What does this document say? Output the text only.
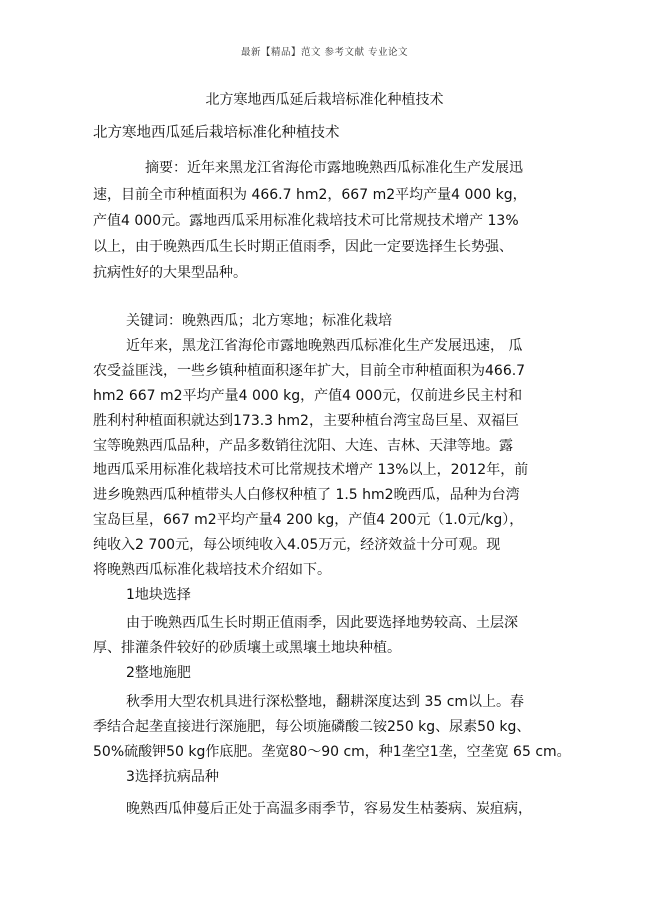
最新【精品】范文 参考文献 专业论文
北方寒地西瓜延后栽培标准化种植技术
北方寒地西瓜延后栽培标准化种植技术
摘要：近年来黑龙江省海伦市露地晚熟西瓜标准化生产发展迅
速，目前全市种植面积为 466.7 hm2，667 m2平均产量4 000 kg，
产值4 000元。露地西瓜采用标准化栽培技术可比常规技术增产 13%
以上，由于晚熟西瓜生长时期正值雨季，因此一定要选择生长势强、
抗病性好的大果型品种。
关键词：晚熟西瓜；北方寒地；标准化栽培
近年来，黑龙江省海伦市露地晚熟西瓜标准化生产发展迅速， 瓜
农受益匪浅，一些乡镇种植面积逐年扩大，目前全市种植面积为466.7
hm2 667 m2平均产量4 000 kg，产值4 000元，仅前进乡民主村和
胜利村种植面积就达到173.3 hm2，主要种植台湾宝岛巨星、双福巨
宝等晚熟西瓜品种，产品多数销往沈阳、大连、吉林、天津等地。露
地西瓜采用标准化栽培技术可比常规技术增产 13%以上，2012年，前
进乡晚熟西瓜种植带头人白修权种植了 1.5 hm2晚西瓜，品种为台湾
宝岛巨星，667 m2平均产量4 200 kg，产值4 200元（1.0元/kg），
纯收入2 700元，每公顷纯收入4.05万元，经济效益十分可观。现
将晚熟西瓜标准化栽培技术介绍如下。
1地块选择
由于晚熟西瓜生长时期正值雨季，因此要选择地势较高、土层深
厚、排灌条件较好的砂质壤土或黑壤土地块种植。
2整地施肥
秋季用大型农机具进行深松整地，翻耕深度达到 35 cm以上。春
季结合起垄直接进行深施肥，每公顷施磷酸二铵250 kg、尿素50 kg、
50%硫酸钾50 kg作底肥。垄宽80～90 cm，种1垄空1垄，空垄宽 65 cm。
3选择抗病品种
晚熟西瓜伸蔓后正处于高温多雨季节，容易发生枯萎病、炭疽病，
